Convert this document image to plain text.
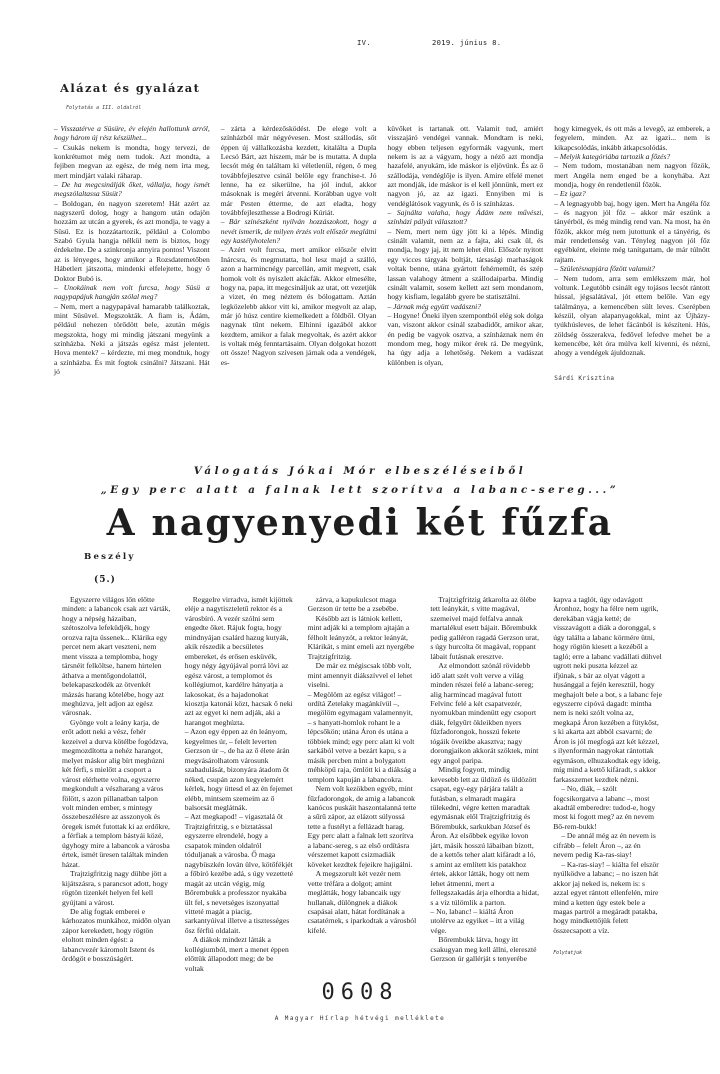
IV.	2019. június 8.
Alázat és gyalázat
Folytatás a III. oldalról

– Visszatérve a Süsüre, év elején hallottunk arról, hogy három új rész készülhet...

– Csukás nekem is mondta, hogy tervezi, de konkrétumot még nem tudok. Azt mondta, a fejiben megvan az egész, de még nem írta meg, mert mindjárt valaki ráharap.

– De ha megcsinálják őket, vállalja, hogy ismét megszólaltassa Süsüt?

– Boldogan, én nagyon szeretem! Hát azért az nagyszerű dolog, hogy a hangom után odajön hozzám az utcán a gyerek, és azt mondja, te vagy a Süsü. Ez is hozzátartozik, például a Colombo Szabó Gyula hangja nélkül nem is biztos, hogy érdekelne. De a szinkronja annyira pontos! Viszont az is lényeges, hogy amikor a Rozsdatemetőben Hábetlert játszotta, mindenki elfelejtette, hogy ő Doktor Bubó is.

– Unokáinak nem volt furcsa, hogy Süsü a nagypapájuk hangján szólal meg?

– Nem, mert a nagypapával hamarabb találkoztak, mint Süsüvel. Megszokták. A fiam is, Ádám, például nehezen törődött bele, azután mégis megszokta, hogy mi mindig játszani megyünk a színházba. Neki a játszás egész mást jelentett. Hova mentek? – kérdezte, mi meg mondtuk, hogy a színházba. És mit fogtok csinálni? Játszani. Hát jó

– zárta a kérdezősködést. De elege volt a színházból már négyévesen. Most szállodás, sőt éppen új vállalkozásba kezdett, kitalálta a Dupla Lecsó Bárt, azt hiszem, már be is mutatta. A dupla lecsót még én találtam ki véletlenül, régen, ő meg továbbfejlesztve csinál belőle egy franchise-t. Jó lenne, ha ez sikerülne, ha jól indul, akkor másoknak is megéri átvenni. Korábban ugye volt már Pesten étterme, de azt eladta, hogy továbbfejleszthesse a Bodrogi Kúriát.

– Bár színészként nyilván hozzászokott, hogy a nevét ismerik, de milyen érzés volt először meglátni egy kastélyhotelen?

– Azért volt furcsa, mert amikor először elvitt Inárcsra, és megmutatta, hol lesz majd a szálló, azon a harmincnégy parcellán, amit megvett, csak homok volt és nyiszlett akácfák. Akkor elmesélte, hogy na, papa, itt megcsináljuk az utat, ott vezetjük a vizet, én meg néztem és bólogattam. Aztán legközelebb akkor vitt ki, amikor megvolt az alap, már jó húsz centire kiemelkedett a földből. Olyan nagynak tűnt nekem. Elhinni igazából akkor kezdtem, amikor a falak megvoltak, és azért akkor is voltak még fenntartásaim. Olyan dolgokat hozott ott össze! Nagyon szívesen járnak oda a vendégek, es-

küvőket is tartanak ott. Valamit tud, amiért visszajáró vendégei vannak. Mondtam is neki, hogy ebben teljesen egyformák vagyunk, mert nekem is az a vágyam, hogy a néző azt mondja hazafelé, anyukám, ide máskor is eljövünk. És az ő szállodája, vendéglője is ilyen. Amire elfelé menet azt mondják, ide máskor is el kell jönnünk, mert ez nagyon jó, az az igazi. Ennyiben mi is vendéglátósok vagyunk, és ő is színházas.

– Sajnálta valaha, hogy Ádám nem művészi, színházi pályát választott?

– Nem, mert nem úgy jött ki a lépés. Mindig csinált valamit, nem az a fajta, aki csak ül, és mondja, hogy jaj, itt nem lehet élni. Először nyitott egy vicces tárgyak boltját, társasági marhaságok voltak benne, utána gyártott fehérneműt, és szép lassan valahogy átment a szállodaiparba. Mindig csinált valamit, sosem kellett azt sem mondanom, hogy kisfiam, legalább gyere be statisztálni.

– Járnak még együtt vadászni?

– Hogyne! Őneki ilyen szempontból elég sok dolga van, viszont akkor csinál szabadidőt, amikor akar, én pedig be vagyok osztva, a színháznak nem én mondom meg, hogy mikor érek rá. De megyünk, ha úgy adja a lehetőség. Nekem a vadászat különben is olyan,

hogy kimegyek, és ott más a levegő, az emberek, a fegyelem, minden. Az az igazi... nem is kikapcsolódás, inkább átkapcsolódás.

– Melyik kategóriába tartozik a főzés?

– Nem tudom, mostanában nem nagyon főzök, mert Angéla nem enged be a konyhába. Azt mondja, hogy én rendetlenül főzök.

– Ez igaz?

– A legnagyobb baj, hogy igen. Mert ha Angéla főz – és nagyon jól főz – akkor már eszünk a tányérból, és még mindig rend van. Na most, ha én főzök, akkor még nem jutottunk el a tányérig, és már rendetlenség van. Tényleg nagyon jól főz egyébként, eleinte még tanítgattam, de már túlnőtt rajtam.

– Születésnapjára főzött valamit?

– Nem tudom, arra sem emlékszem már, hol voltunk. Legutóbb csinált egy tojásos lecsót rántott hússal, jégsalátával, jót ettem belőle. Van egy találmánya, a kemencében sült leves. Cserépben készül, olyan alapanyagokkal, mint az Újházy-tyúkhúsleves, de lehet fácánból is készíteni. Hús, zöldség összerakva, fedővel lefedve mehet be a kemencébe, két óra múlva kell kivenni, és nézni, ahogy a vendégek ájuldoznak.

Sárdi Krisztina
Válogatás Jókai Mór elbeszéléseiből
„Egy perc alatt a falnak lett szorítva a labanc-sereg...”
A nagyenyedi két fűzfa
Beszély
(5.)

Egyszerre világos lőn előtte minden: a labancok csak azt várták, hogy a népség házaiban, szétoszolva lefeküdjék, hogy orozva rajta üssenek... Klárika egy percet nem akart veszteni, nem ment vissza a templomba, hogy társnéit felköltse, hanem hirtelen áthatva a mentőgondolattól, belekapaszkodék az ötvenkét mázsás harang kötelébe, hogy azt meghúzva, jelt adjon az egész városnak.

Gyönge volt a leány karja, de erőt adott neki a vész, fehér kezeivel a durva kötélbe fogódzva, megmozdította a nehéz harangot, melyet máskor alig bírt meghúzni két férfi, s mielőtt a csoport a várost elérhette volna, egyszerre megkondult a vészharang a város fölött, s azon pillanatban talpon volt minden ember, s mintegy összebeszélésre az asszonyok és öregek ismét futottak ki az erdőkre, a férfiak a templom bástyái közé, úgyhogy mire a labancok a városba értek, ismét üresen találtak minden házat.

Trajtzigfritzig nagy dühbe jött a kijátszásra, s parancsot adott, hogy rögtön tizenkét helyen fel kell gyújtani a várost.

De alig fogtak emberei e kárhozatos munkához, midőn olyan zápor kerekedett, hogy rögtön eloltott minden égést: a labancvezér káromolt Istent és ördögöt e bosszúságért.

Reggelre virradva, ismét kijöttek eléje a nagytiszteletű rektor és a városbíró. A vezér szólni sem engedte őket. Rájuk fogta, hogy mindnyájan csalárd hazug kutyák, akik részedik a becsületes embereket, és erősen esküvék, hogy négy ágyújával porrá lövi az egész várost, a templomot és kollégiumot, kardélre hányatja a lakosokat, és a hajadonokat kiosztja katonái közt, hacsak ő neki azt az egyet ki nem adják, aki a harangot meghúzta.

– Azon egy éppen az én leányom, kegyelmes úr, – felelt leverten Gerzson úr –, de ha az ő élete árán megvásárolhatom városunk szabadulását, bizonyára átadom őt néked, csupán azon kegyelemért kérlek, hogy üttesd el az én fejemet elébb, mintsem szemeim az ő balsorsát meglátnák.

– Azt megkapod! – vigasztalá őt Trajtzigfritzig, s e biztatással egyszerre elrendelé, hogy a csapatok minden oldalról tóduljanak a városba. Ő maga nagybüszkén lován ülve, kötőfékjét a főbíró kezébe adá, s úgy vezetteté magát az utcán végig, míg Bőrembukk a professzor nyakába ült fel, s nevetséges iszonyattal vitteté magát a piacig, sarkantyúival illetve a tisztességes ősz férfiú oldalait.

A diákok mindezt látták a kollégiumból, mert a menet éppen előttük állapodott meg; de be voltak

zárva, a kapukulcsot maga Gerzson úr tette be a zsebébe.

Később azt is látniok kellett, mint adják ki a templom ajtaján a félholt leányzót, a rektor leányát, Klárikát, s mint emeli azt nyergébe Trajtzigfritzig.

De már ez mégiscsak több volt, mint amennyit diákszívvel el lehet viselni.

– Megölöm az egész világot! – ordítá Zetelaky magánkívül –, megölöm egymagam valamennyit, – s hanyatt-homlok rohant le a lépcsőkön; utána Áron és utána a többiek mind; egy perc alatt ki volt sarkából vetve a bezárt kapu, s a másik percben mint a bolygatott méhköpű raja, ömlött ki a diákság a templom kapuján a labancokra.

Nem volt kezökben egyéb, mint fűzfadorongok, de amig a labancok kanócos puskáit haszontalanná tette a sűrű zápor, az elázott súlyossá tette a fustélyt a fellázadt harag. Egy perc alatt a falnak lett szorítva a labanc-sereg, s az első ordításra vérszemet kapott csizmadiák köveket kezdtek fejeikre hajigálni.

A megszorult két vezér nem vette tréfára a dolgot; amint meglátták, hogy labancaik ugy hullanak, dülöngnek a diákok csapásai alatt, hátat fordítának a csatatérnek, s iparkodtak a városból kifelé.

Trajtzigfritzig átkarolta az ölébe tett leánykát, s vitte magával, szemeivel majd felfalva annak martalékul esett bájait. Bőrembukk pedig galléron ragadá Gerzson urat, s úgy hurcolta őt magával, roppant lábait futásnak eresztve.

Az elmondott szónál rövidebb idő alatt szét volt verve a világ minden részei felé a labanc-sereg; alig harmincad magával futott Felvinc felé a két csapatvezér, nyomukban mindenütt egy csoport diák, felgyűrt ökleikben nyers fűzfadorongok, hosszú fekete tógáik öveikbe akasztva; nagy dorongjaikon akkorát szöktek, mint egy angol paripa.

Mindig fogyott, mindig kevesebb lett az üldöző és üldözött csapat, egy-egy párjára talált a futásban, s elmaradt magára tülekedni, végre ketten maradtak egymásnak elől Trajtzigfritzig és Bőrembukk, sarkukban József és Áron. Az elsőbbek egyike lovon járt, másik hosszú lábaiban bízott, de a kettős teher alatt kifáradt a ló, s amint az említett kis patakhoz értek, akkor látták, hogy ott nem lehet átmenni, mert a fellegszakadás árja elhordta a hidat, s a víz túlömlik a parton.

– No, labanc! – kiáltá Áron utolérve az egyiket – itt a világ vége.

Bőrembukk látva, hogy itt csakugyan meg kell állni, elereszté Gerzson úr gallérját s tenyerébe

kapva a taglót, úgy odavágott Áronhoz, hogy ha félre nem ugrik, derekában vágja ketté; de visszavágott a diák a doronggal, s úgy találta a labanc körmére ütni, hogy rögtön kiesett a kezéből a tagló; erre a labanc vadállati dühvel ugrott neki puszta kézzel az ifjúnak, s bár az olyat vágott a husánggal a fején keresztül, hogy meghajolt bele a bot, s a labanc feje egyszerre cipóvá dagadt: mintha nem is neki szólt volna az, megkapá Áron kezében a fütykőst, s ki akarta azt abból csavarni; de Áron is jól megfogá azt két kézzel, s ilyenformán nagyokat rántottak egymáson, elhuzakodtak egy ideig, míg mind a kettő kifáradt, s akkor farkasszemet kezdtek nézni.

– No, diák, – szólt fogcsikorgatva a labanc –, most akadtál emberedre: tudod-e, hogy most ki fogott meg? az én nevem Bő-rem-bukk!

– De annál még az én nevem is cifrább – felelt Áron –, az én nevem pedig Ka-ras-siay!

– Ka-ras-siay! – kiálta fel elször nyúlködve a labanc; – no iszen hát akkor jaj neked is, nekem is: s azzal egyet rántott ellenfelén, mire mind a ketten úgy estek bele a magas partról a megáradt patakba, hogy mindkettőjük felett összecsapott a víz.

Folytatjuk
0608
A Magyar Hírlap hétvégi melléklete
